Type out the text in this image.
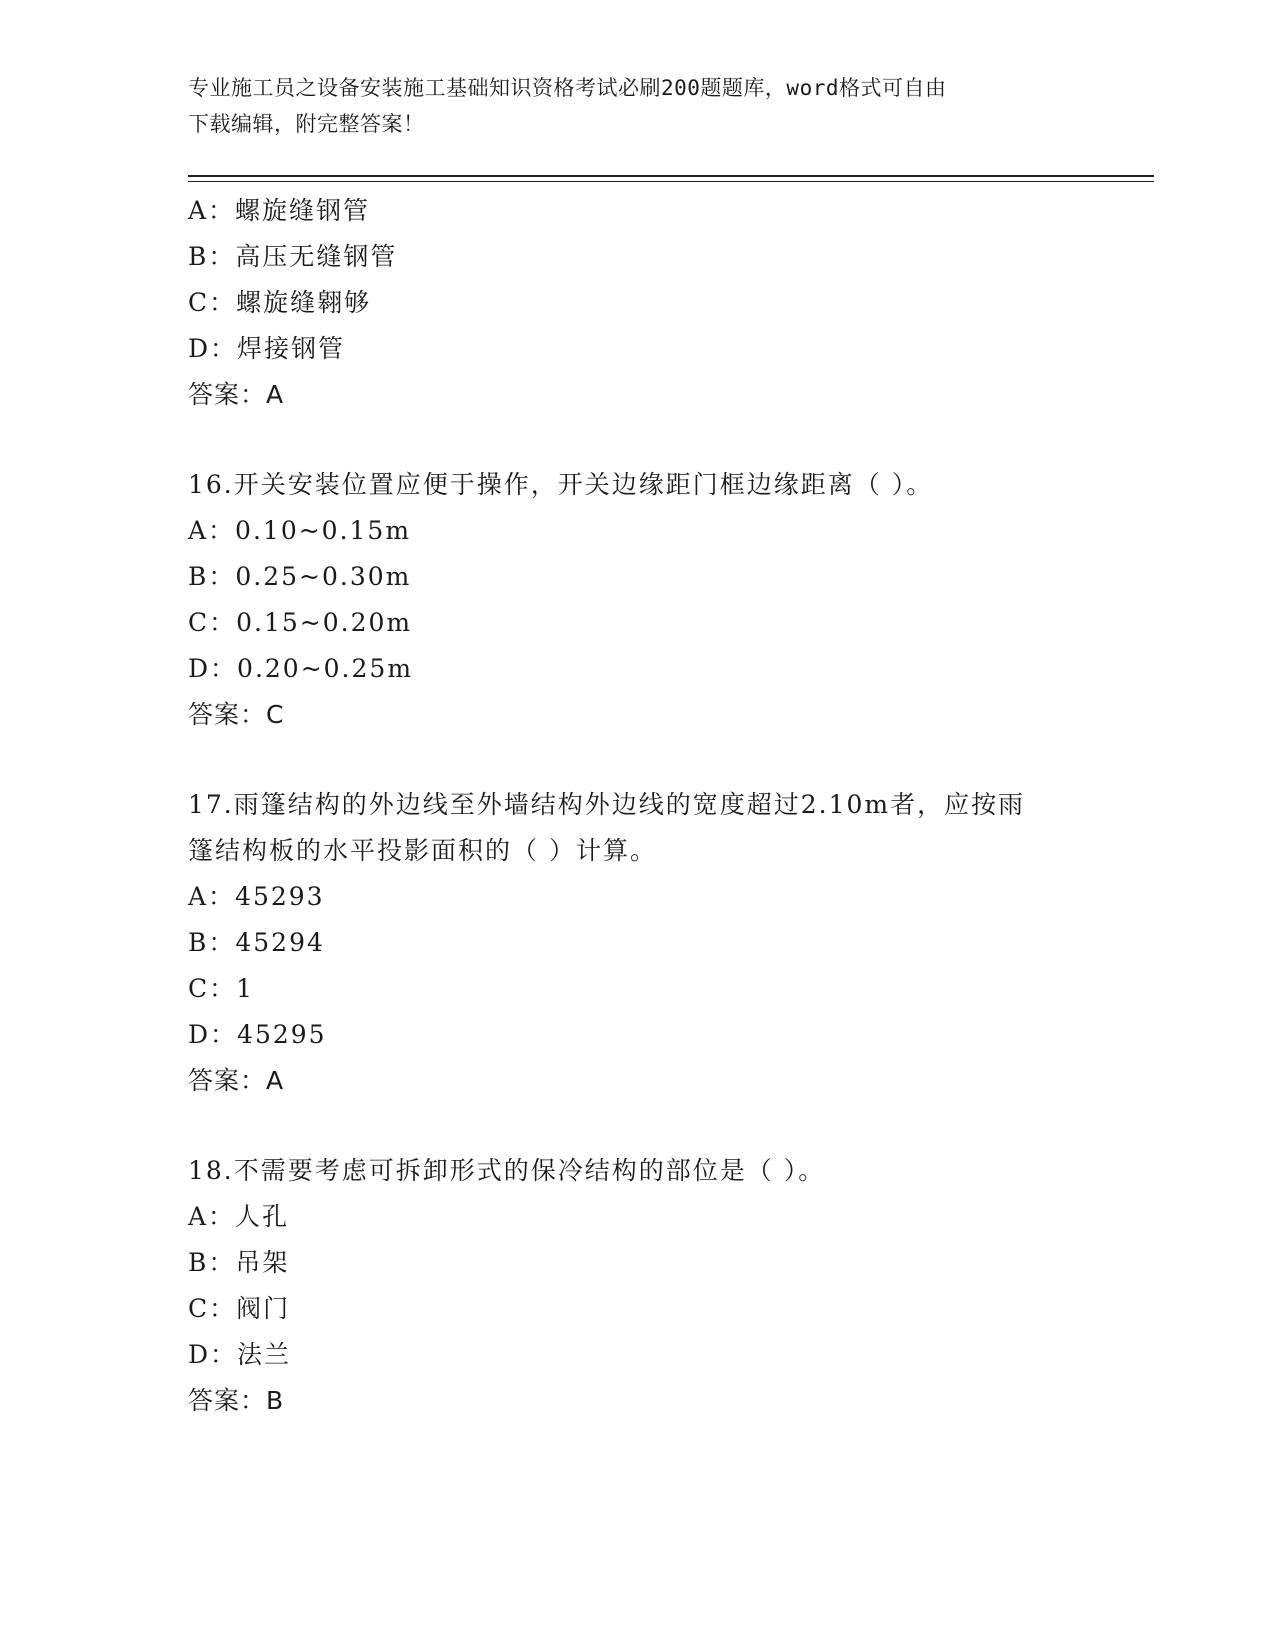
专业施工员之设备安装施工基础知识资格考试必刷200题题库，word格式可自由
下载编辑，附完整答案！
A：螺旋缝钢管
B：高压无缝钢管
C：螺旋缝翱够
D：焊接钢管
答案：A
16.开关安装位置应便于操作，开关边缘距门框边缘距离（ ）。
A：0.10~0.15m
B：0.25~0.30m
C：0.15~0.20m
D：0.20~0.25m
答案：C
17.雨篷结构的外边线至外墙结构外边线的宽度超过2.10m者，应按雨
篷结构板的水平投影面积的（ ）计算。
A：45293
B：45294
C：1
D：45295
答案：A
18.不需要考虑可拆卸形式的保冷结构的部位是（ ）。
A：人孔
B：吊架
C：阀门
D：法兰
答案：B
